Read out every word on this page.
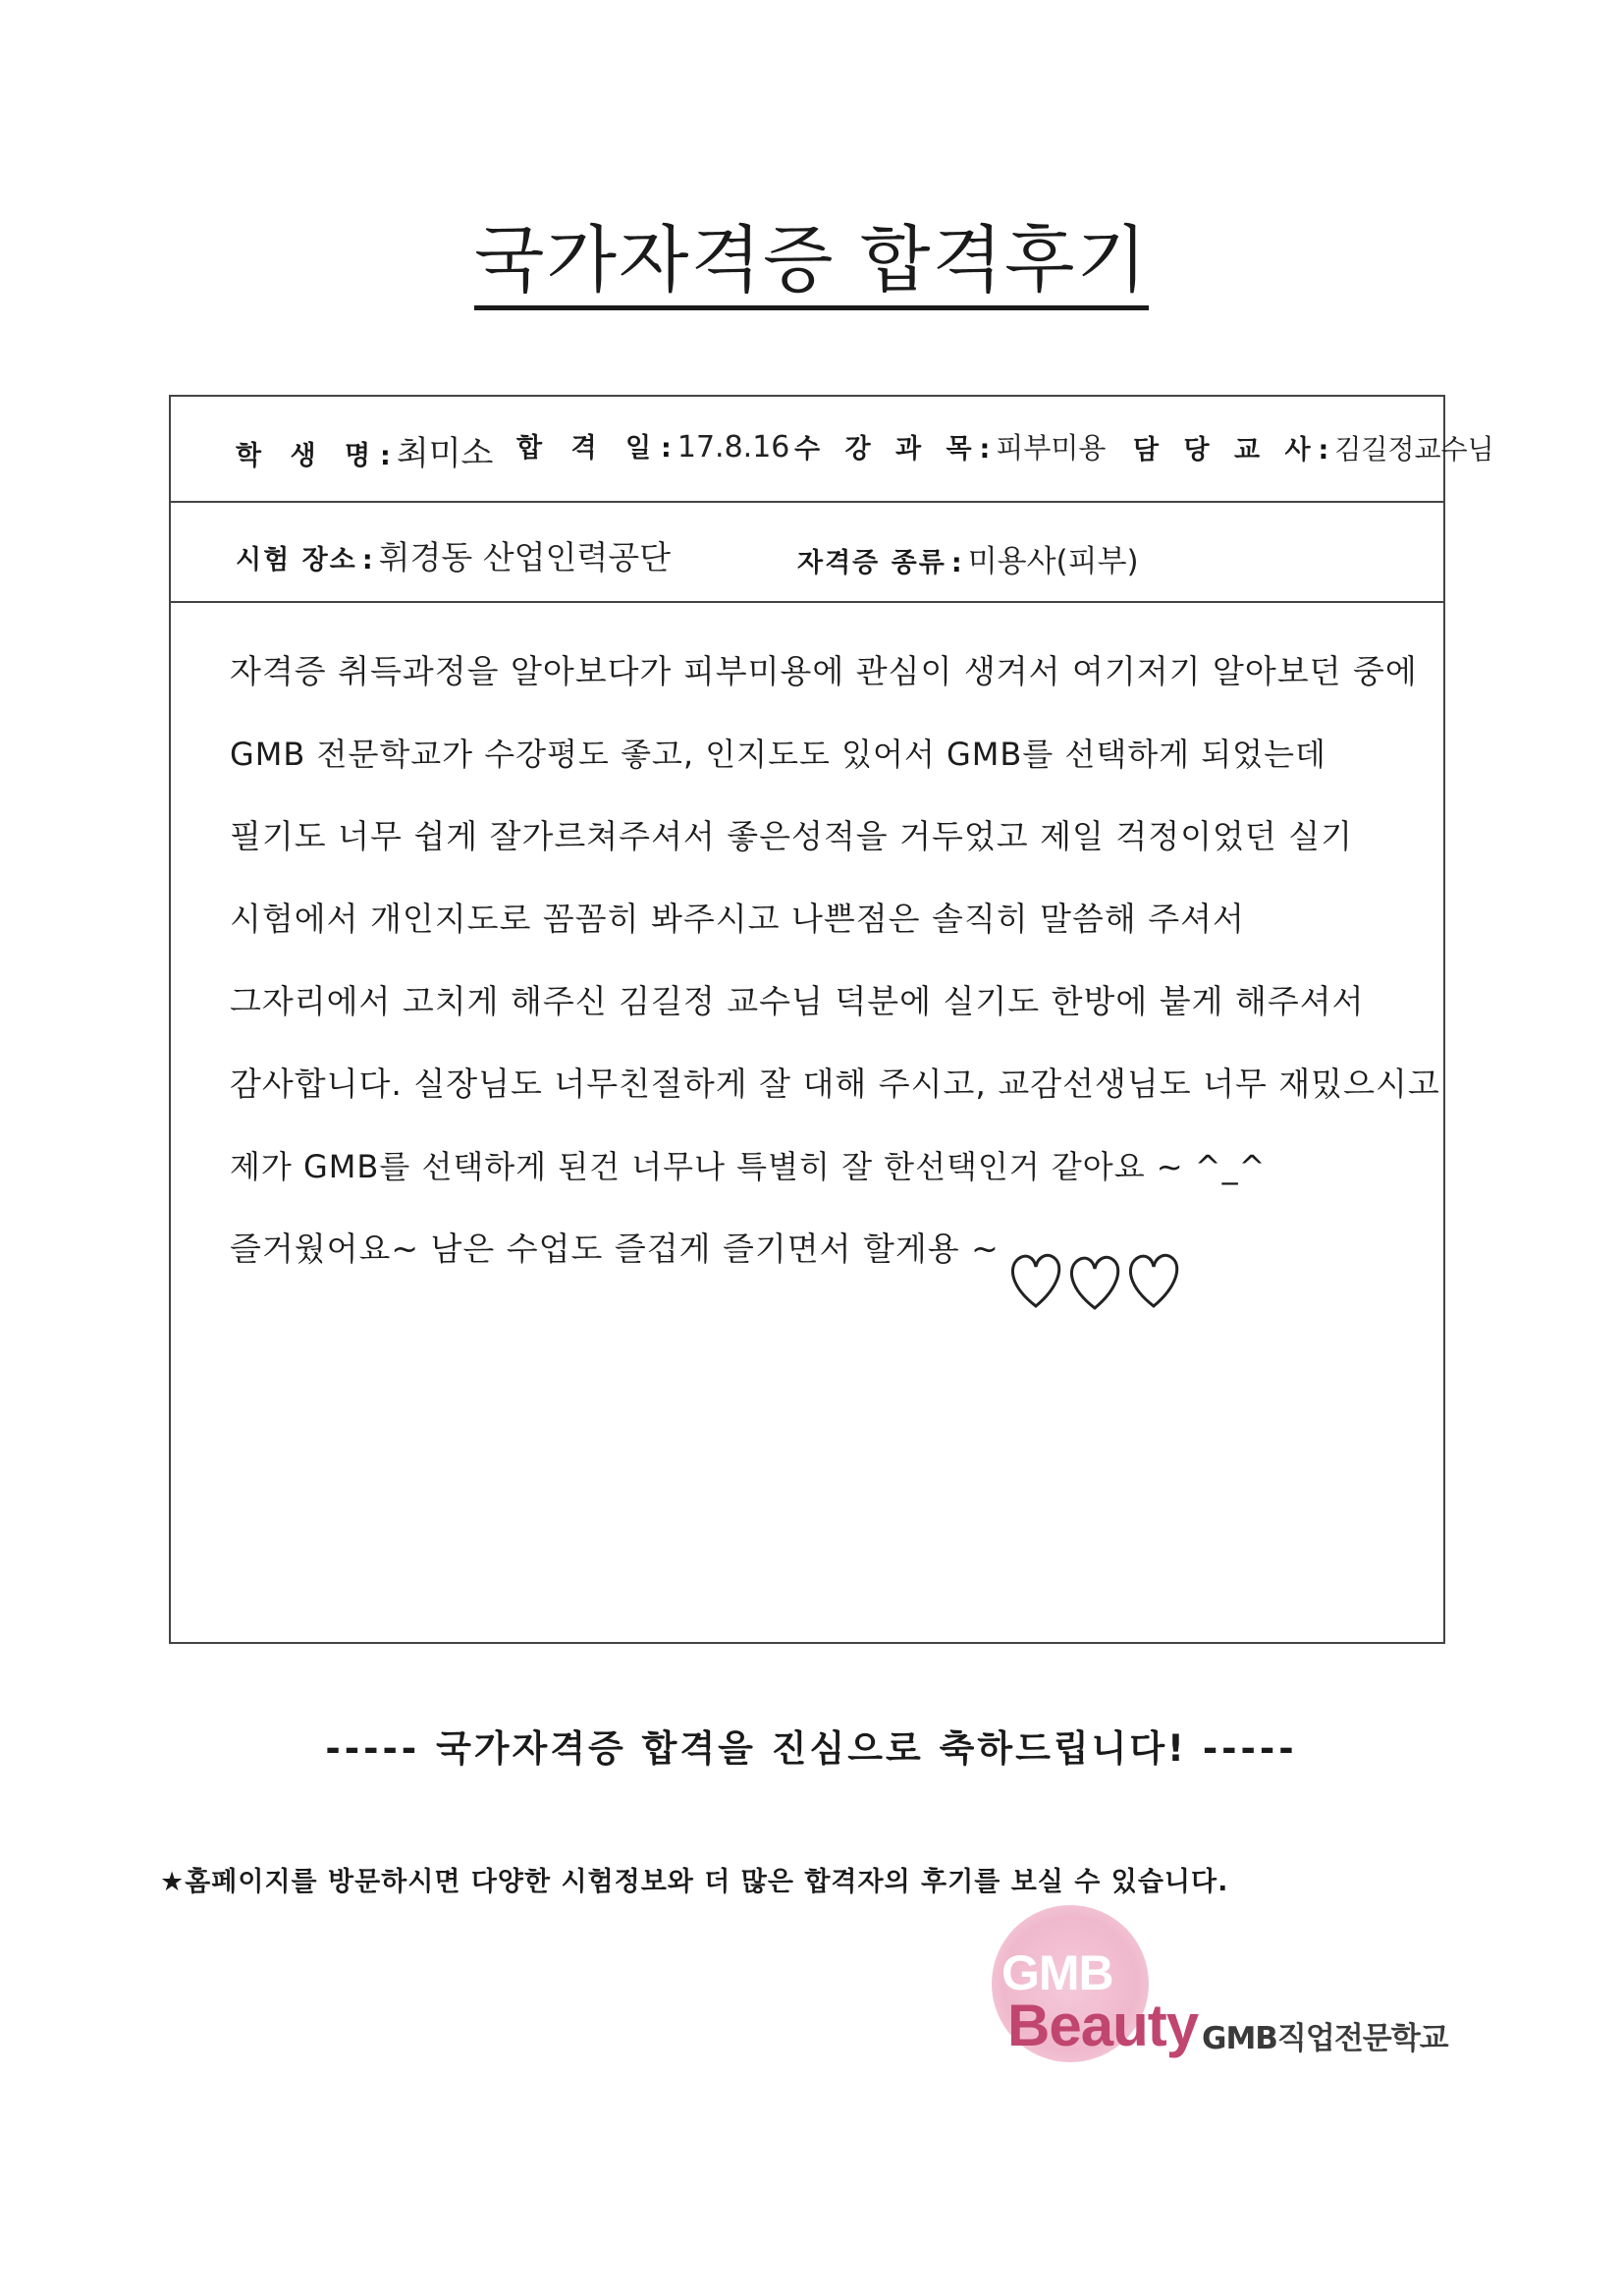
국가자격증 합격후기
학 생 명: 최미소 합 격 일: 17.8.16 수 강 과 목: 피부미용 담 당 교 사: 김길정교수님
시험 장소 : 휘경동 산업인력공단	자격증 종류 : 미용사(피부)
자격증 취득과정을 알아보다가 피부미용에 관심이 생겨서 여기저기 알아보던 중에
GMB 전문학교가 수강평도 좋고, 인지도도 있어서 GMB를 선택하게 되었는데
필기도 너무 쉽게 잘가르쳐주셔서 좋은성적을 거두었고 제일 걱정이었던 실기
시험에서 개인지도로 꼼꼼히 봐주시고 나쁜점은 솔직히 말씀해 주셔서
그자리에서 고치게 해주신 김길정 교수님 덕분에 실기도 한방에 붙게 해주셔서
감사합니다. 실장님도 너무친절하게 잘 대해 주시고, 교감선생님도 너무 재밌으시고
제가 GMB를 선택하게 된건 너무나 특별히 잘 한선택인거 같아요 ~ ^_^
즐거웠어요~ 남은 수업도 즐겁게 즐기면서 할게용 ~
----- 국가자격증 합격을 진심으로 축하드립니다! -----
★홈페이지를 방문하시면 다양한 시험정보와 더 많은 합격자의 후기를 보실 수 있습니다.
GMB
Beauty GMB직업전문학교
